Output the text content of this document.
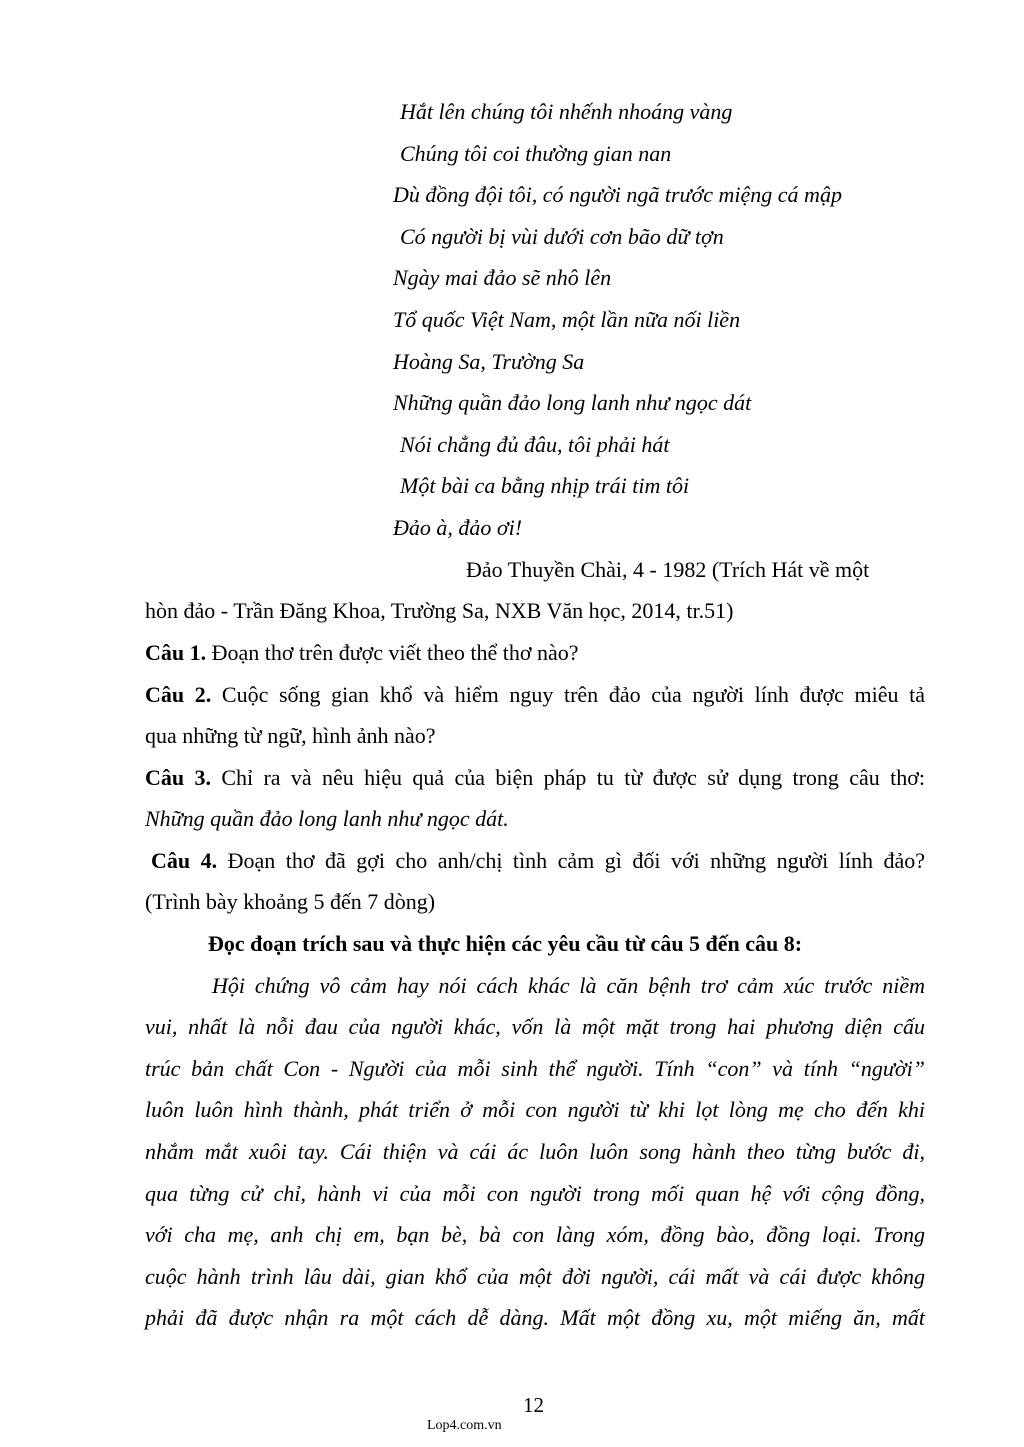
Hắt lên chúng tôi nhếnh nhoáng vàng
Chúng tôi coi thường gian nan
Dù đồng đội tôi, có người ngã trước miệng cá mập
Có người bị vùi dưới cơn bão dữ tợn
Ngày mai đảo sẽ nhô lên
Tổ quốc Việt Nam, một lần nữa nối liền
Hoàng Sa, Trường Sa
Những quần đảo long lanh như ngọc dát
Nói chẳng đủ đâu, tôi phải hát
Một bài ca bằng nhịp trái tim tôi
Đảo à, đảo ơi!
Đảo Thuyền Chài, 4 - 1982 (Trích Hát về một
hòn đảo - Trần Đăng Khoa, Trường Sa, NXB Văn học, 2014, tr.51)
Câu 1. Đoạn thơ trên được viết theo thể thơ nào?
Câu 2. Cuộc sống gian khổ và hiểm nguy trên đảo của người lính được miêu tả
qua những từ ngữ, hình ảnh nào?
Câu 3. Chỉ ra và nêu hiệu quả của biện pháp tu từ được sử dụng trong câu thơ:
Những quần đảo long lanh như ngọc dát.
Câu 4. Đoạn thơ đã gợi cho anh/chị tình cảm gì đối với những người lính đảo?
(Trình bày khoảng 5 đến 7 dòng)
Đọc đoạn trích sau và thực hiện các yêu cầu từ câu 5 đến câu 8:
Hội chứng vô cảm hay nói cách khác là căn bệnh trơ cảm xúc trước niềm
vui, nhất là nỗi đau của người khác, vốn là một mặt trong hai phương diện cấu
trúc bản chất Con - Người của mỗi sinh thể người. Tính “con” và tính “người”
luôn luôn hình thành, phát triển ở mỗi con người từ khi lọt lòng mẹ cho đến khi
nhắm mắt xuôi tay. Cái thiện và cái ác luôn luôn song hành theo từng bước đi,
qua từng cử chỉ, hành vi của mỗi con người trong mối quan hệ với cộng đồng,
với cha mẹ, anh chị em, bạn bè, bà con làng xóm, đồng bào, đồng loại. Trong
cuộc hành trình lâu dài, gian khổ của một đời người, cái mất và cái được không
phải đã được nhận ra một cách dễ dàng. Mất một đồng xu, một miếng ăn, mất
12
Lop4.com.vn
